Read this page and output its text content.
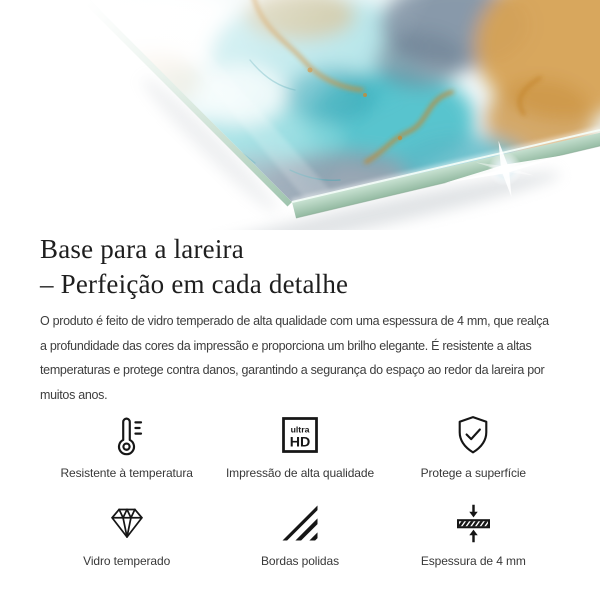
Base para a lareira
– Perfeição em cada detalhe
O produto é feito de vidro temperado de alta qualidade com uma espessura de 4 mm, que realça
a profundidade das cores da impressão e proporciona um brilho elegante. É resistente a altas
temperaturas e protege contra danos, garantindo a segurança do espaço ao redor da lareira por
muitos anos.
Resistente à temperatura
ultra
HD
Impressão de alta qualidade	Protege a superfície
Vidro temperado	Bordas polidas	Espessura de 4 mm
